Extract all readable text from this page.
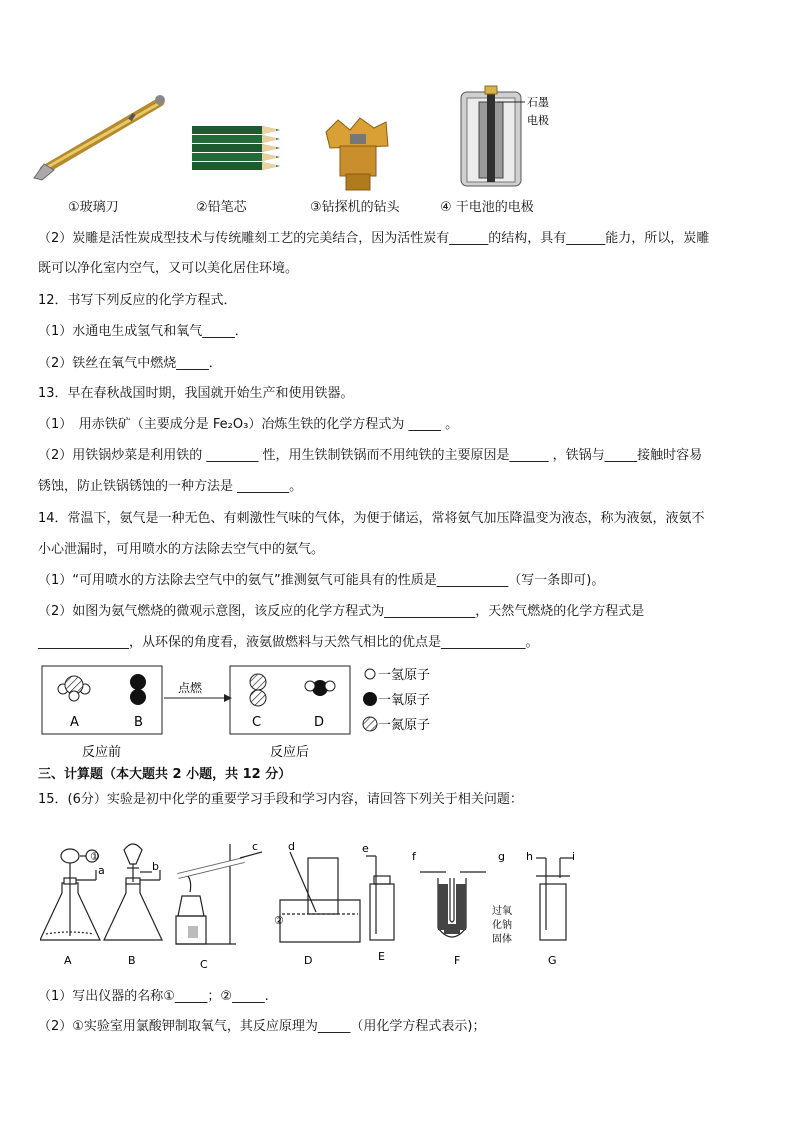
石墨
电极
①玻璃刀	②铅笔芯	③钻探机的钻头	④ 干电池的电极
（2）炭雕是活性炭成型技术与传统雕刻工艺的完美结合，因为活性炭有______的结构，具有______能力，所以，炭雕
既可以净化室内空气，又可以美化居住环境。
12．书写下列反应的化学方程式．
（1）水通电生成氢气和氧气_____．
（2）铁丝在氧气中燃烧_____．
13．早在春秋战国时期，我国就开始生产和使用铁器。
（1）　用赤铁矿（主要成分是 Fe₂O₃）冶炼生铁的化学方程式为 _____ 。
（2）用铁锅炒菜是利用铁的 ________ 性，用生铁制铁锅而不用纯铁的主要原因是______ ，铁锅与_____接触时容易
锈蚀，防止铁锅锈蚀的一种方法是 ________。
14．常温下，氨气是一种无色、有刺激性气味的气体，为便于储运，常将氨气加压降温变为液态，称为液氨，液氨不
小心泄漏时，可用喷水的方法除去空气中的氨气。
（1）“可用喷水的方法除去空气中的氨气”推测氨气可能具有的性质是___________（写一条即可)。
（2）如图为氨气燃烧的微观示意图，该反应的化学方程式为______________，天然气燃烧的化学方程式是
______________，从环保的角度看，液氨做燃料与天然气相比的优点是_____________。
A	B
点燃
C	D
反应前	反应后
一氢原子
一氧原子
一氮原子
三、计算题（本大题共 2 小题，共 12 分）
15．(6分）实验是初中化学的重要学习手段和学习内容，请回答下列关于相关问题：
①
②
a	b
c	d	e
f	g h	i
过氧
化钠
固体
A	B	C	D	E	F	G
（1）写出仪器的名称①_____；②_____.
（2）①实验室用氯酸钾制取氧气，其反应原理为_____（用化学方程式表示)；
